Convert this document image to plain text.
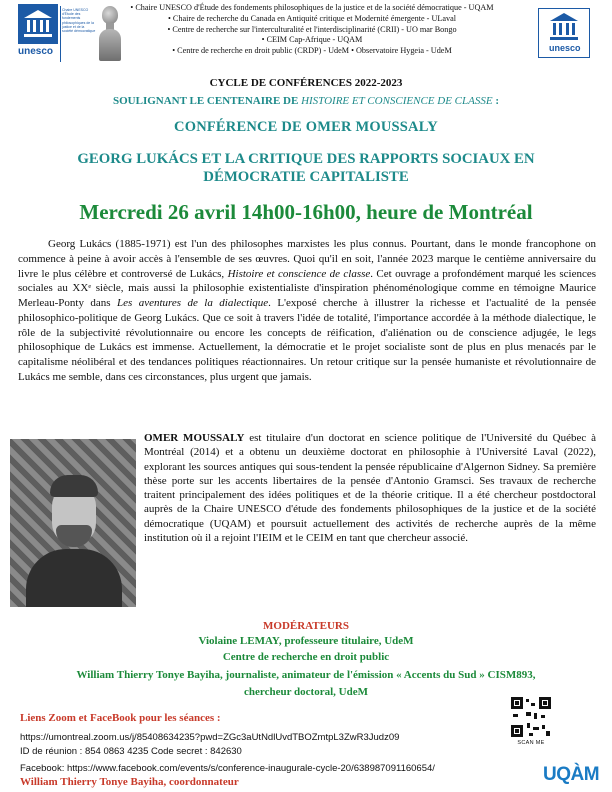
unesco
Chaire UNESCO d'Étude des fondements philosophiques de la justice et de la société démocratique
• Chaire UNESCO d'Étude des fondements philosophiques de la justice et de la société démocratique - UQAM
• Chaire de recherche du Canada en Antiquité critique et Modernité émergente - ULaval
• Centre de recherche sur l'interculturalité et l'interdisciplinarité (CRII) - UO mar Bongo
• CEIM Cap-Afrique - UQAM
• Centre de recherche en droit public (CRDP) - UdeM • Observatoire Hygeia - UdeM	unesco
CYCLE DE CONFÉRENCES 2022-2023
SOULIGNANT LE CENTENAIRE DE HISTOIRE ET CONSCIENCE DE CLASSE :
CONFÉRENCE DE OMER MOUSSALY
GEORG LUKÁCS ET LA CRITIQUE DES RAPPORTS SOCIAUX EN DÉMOCRATIE CAPITALISTE
Mercredi 26 avril 14h00-16h00, heure de Montréal
Georg Lukács (1885-1971) est l'un des philosophes marxistes les plus connus. Pourtant, dans le monde francophone on commence à peine à avoir accès à l'ensemble de ses œuvres. Quoi qu'il en soit, l'année 2023 marque le centième anniversaire du livre le plus célèbre et controversé de Lukács, Histoire et conscience de classe. Cet ouvrage a profondément marqué les sciences sociales au XXᵉ siècle, mais aussi la philosophie existentialiste d'inspiration phénoménologique comme en témoigne Maurice Merleau-Ponty dans Les aventures de la dialectique. L'exposé cherche à illustrer la richesse et l'actualité de la pensée philosophico-politique de Georg Lukács. Que ce soit à travers l'idée de totalité, l'importance accordée à la méthode dialectique, le rôle de la subjectivité révolutionnaire ou encore les concepts de réification, d'aliénation ou de conscience adjugée, le legs philosophique de Lukács est immense. Actuellement, la démocratie et le projet socialiste sont de plus en plus menacés par le capitalisme néolibéral et des tendances politiques réactionnaires. Un retour critique sur la pensée humaniste et révolutionnaire de Lukács me semble, dans ces circonstances, plus urgent que jamais.
OMER MOUSSALY est titulaire d'un doctorat en science politique de l'Université du Québec à Montréal (2014) et a obtenu un deuxième doctorat en philosophie à l'Université Laval (2022), explorant les sources antiques qui sous-tendent la pensée républicaine d'Algernon Sidney. Sa première thèse porte sur les accents libertaires de la pensée d'Antonio Gramsci. Ses travaux de recherche traitent principalement des idées politiques et de la théorie critique. Il a été chercheur postdoctoral auprès de la Chaire UNESCO d'étude des fondements philosophiques de la justice et de la société démocratique (UQAM) et poursuit actuellement des activités de recherche auprès de la même institution où il a rejoint l'IEIM et le CEIM en tant que chercheur associé.
MODÉRATEURS
Violaine LEMAY, professeure titulaire, UdeM
Centre de recherche en droit public
William Thierry Tonye Bayiha, journaliste, animateur de l'émission « Accents du Sud » CISM893,
chercheur doctoral, UdeM
Liens Zoom et FaceBook pour les séances :
https://umontreal.zoom.us/j/85408634235?pwd=ZGc3aUtNdlUvdTBOZmtpL3ZwR3Judz09
ID de réunion : 854 0863 4235 Code secret : 842630
Facebook: https://www.facebook.com/events/s/conference-inaugurale-cycle-20/638987091160654/
William Thierry Tonye Bayiha, coordonnateur
SCAN ME
UQÀM
